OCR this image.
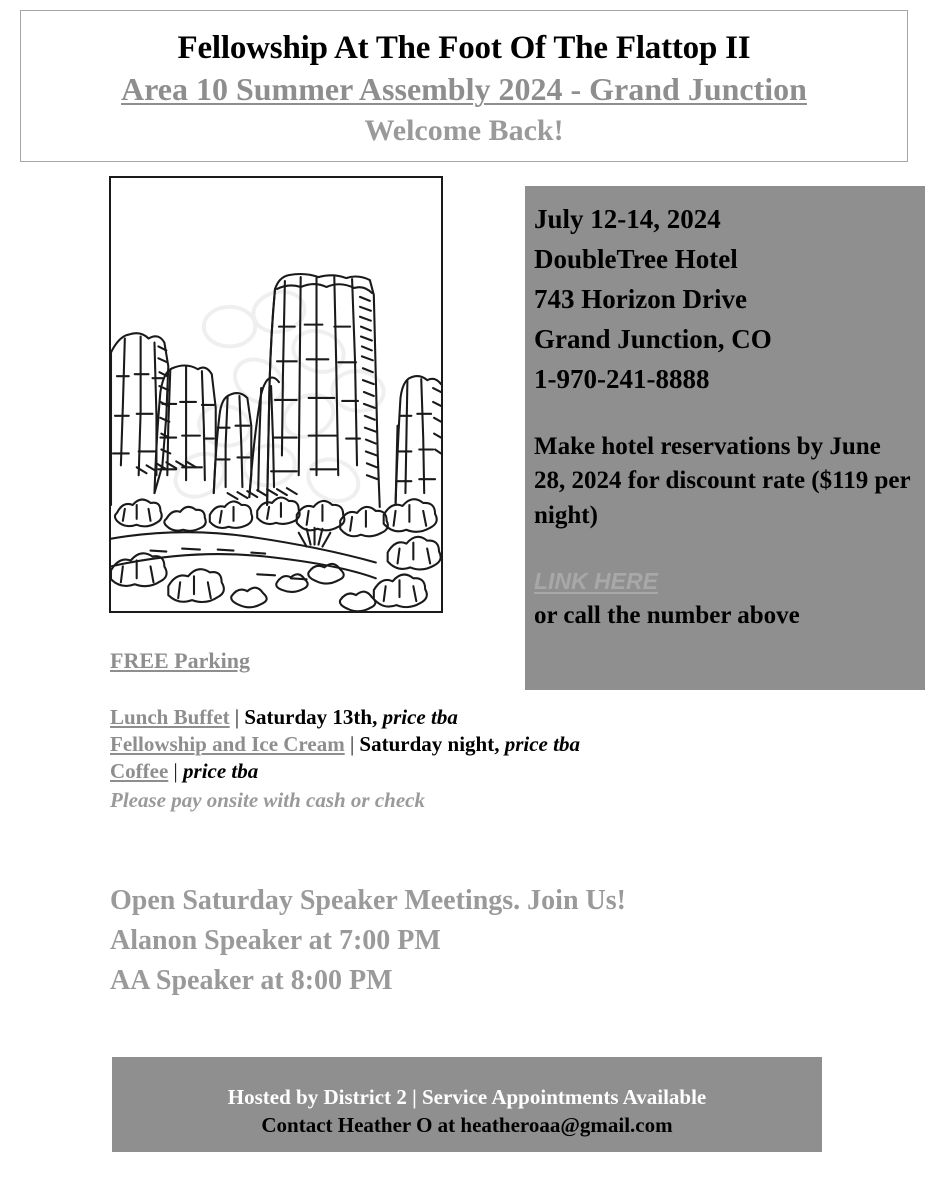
Fellowship At The Foot Of The Flattop II
Area 10 Summer Assembly 2024 - Grand Junction
Welcome Back!
July 12-14, 2024
DoubleTree Hotel
743 Horizon Drive
Grand Junction, CO
1-970-241-8888
Make hotel reservations by June 28, 2024 for discount rate ($119 per night)
LINK HERE
or call the number above
FREE Parking
Lunch Buffet | Saturday 13th, price tba
Fellowship and Ice Cream | Saturday night, price tba
Coffee | price tba
Please pay onsite with cash or check
Open Saturday Speaker Meetings. Join Us!
Alanon Speaker at 7:00 PM
AA Speaker at 8:00 PM
Hosted by District 2 | Service Appointments Available
Contact Heather O at heatheroaa@gmail.com
